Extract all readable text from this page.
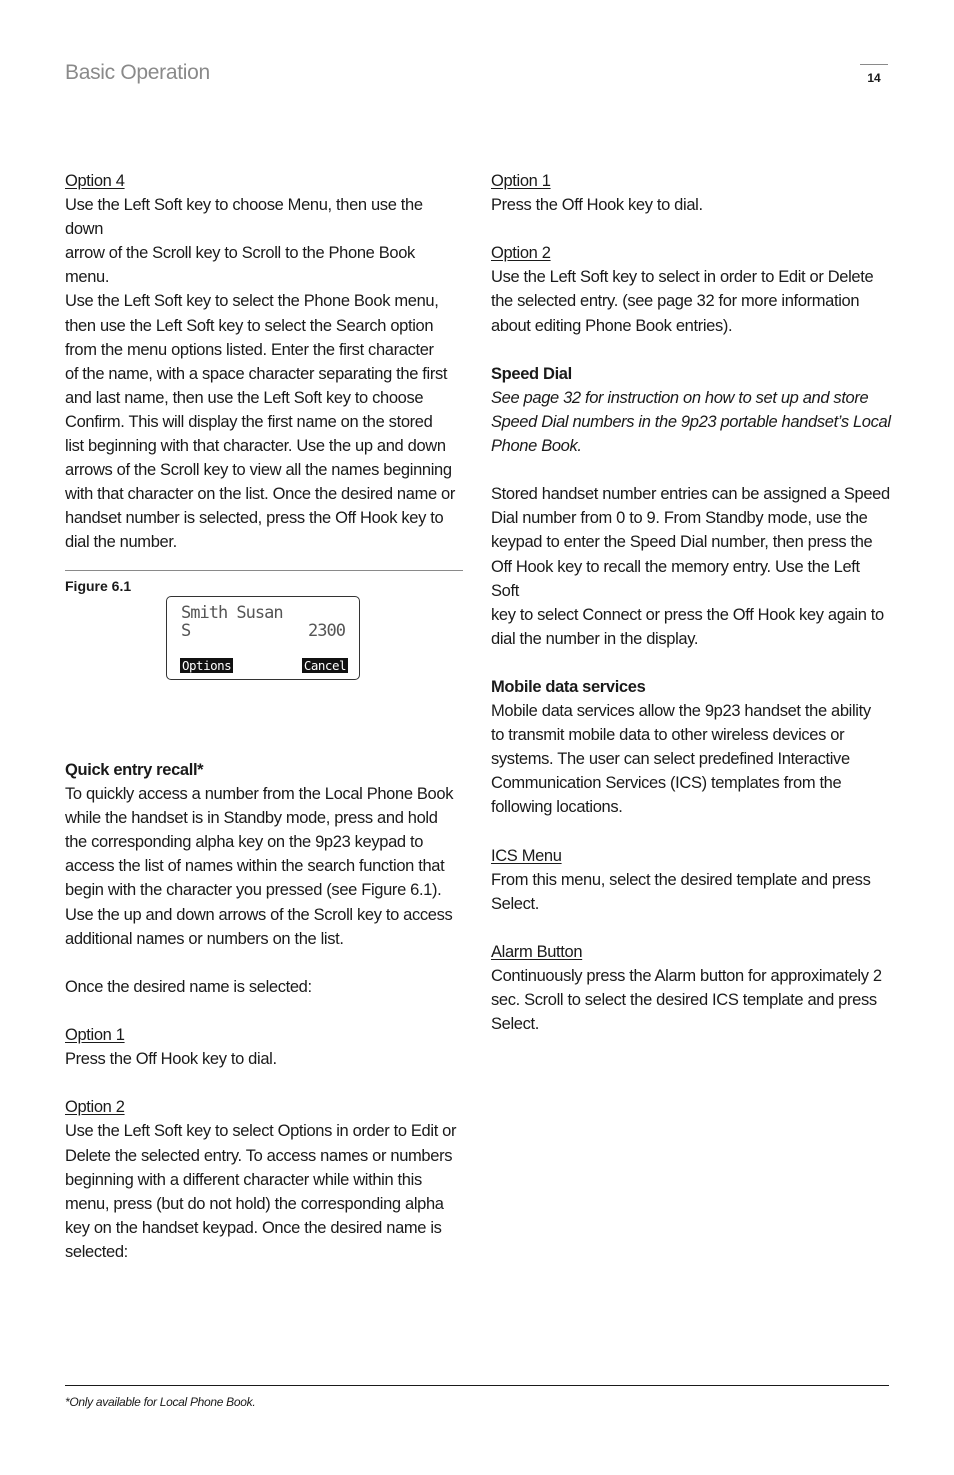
Basic Operation	14

Option 4

Use the Left Soft key to choose Menu, then use the down

arrow of the Scroll key to Scroll to the Phone Book menu.

Use the Left Soft key to select the Phone Book menu,

then use the Left Soft key to select the Search option

from the menu options listed. Enter the first character

of the name, with a space character separating the first

and last name, then use the Left Soft key to choose

Confirm. This will display the first name on the stored

list beginning with that character. Use the up and down

arrows of the Scroll key to view all the names beginning

with that character on the list. Once the desired name or

handset number is selected, press the Off Hook key to

dial the number.

Figure 6.1
Smith Susan
S	2300
Options	Cancel

Quick entry recall*

To quickly access a number from the Local Phone Book

while the handset is in Standby mode, press and hold

the corresponding alpha key on the 9p23 keypad to

access the list of names within the search function that

begin with the character you pressed (see Figure 6.1).

Use the up and down arrows of the Scroll key to access

additional names or numbers on the list.

Once the desired name is selected:

Option 1

Press the Off Hook key to dial.

Option 2

Use the Left Soft key to select Options in order to Edit or

Delete the selected entry. To access names or numbers

beginning with a different character while within this

menu, press (but do not hold) the corresponding alpha

key on the handset keypad. Once the desired name is

selected:

Option 1

Press the Off Hook key to dial.

Option 2

Use the Left Soft key to select in order to Edit or Delete

the selected entry. (see page 32 for more information

about editing Phone Book entries).

Speed Dial

See page 32 for instruction on how to set up and store

Speed Dial numbers in the 9p23 portable handset’s Local

Phone Book.

Stored handset number entries can be assigned a Speed

Dial number from 0 to 9. From Standby mode, use the

keypad to enter the Speed Dial number, then press the

Off Hook key to recall the memory entry. Use the Left Soft

key to select Connect or press the Off Hook key again to

dial the number in the display.

Mobile data services

Mobile data services allow the 9p23 handset the ability

to transmit mobile data to other wireless devices or

systems. The user can select predefined Interactive

Communication Services (ICS) templates from the

following locations.

ICS Menu

From this menu, select the desired template and press

Select.

Alarm Button

Continuously press the Alarm button for approximately 2

sec. Scroll to select the desired ICS template and press

Select.

*Only available for Local Phone Book.
